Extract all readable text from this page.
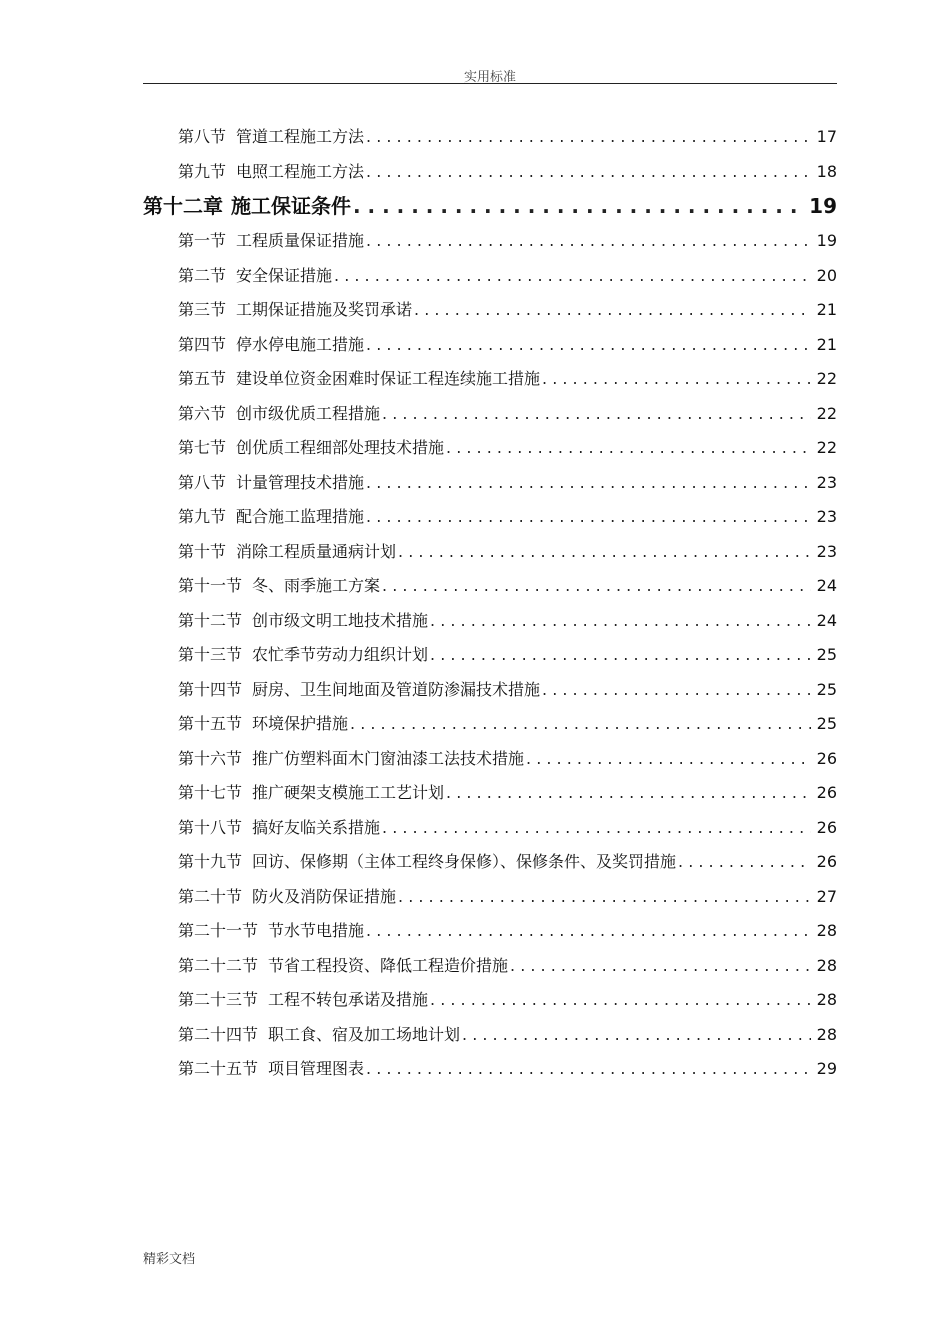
实用标准
第八节 管道工程施工方法 . . .	17
第九节 电照工程施工方法 . . .	18
第十二章 施工保证条件 . . .	19
第一节 工程质量保证措施 . . .	19
第二节 安全保证措施 . . .	20
第三节 工期保证措施及奖罚承诺 . . .	21
第四节 停水停电施工措施 . . .	21
第五节 建设单位资金困难时保证工程连续施工措施 . . .	22
第六节 创市级优质工程措施 . . .	22
第七节 创优质工程细部处理技术措施 . . .	22
第八节 计量管理技术措施 . . .	23
第九节 配合施工监理措施 . . .	23
第十节 消除工程质量通病计划 . . .	23
第十一节 冬、雨季施工方案 . . .	24
第十二节 创市级文明工地技术措施 . . .	24
第十三节 农忙季节劳动力组织计划 . . .	25
第十四节 厨房、卫生间地面及管道防渗漏技术措施 . . .	25
第十五节 环境保护措施 . . .	25
第十六节 推广仿塑料面木门窗油漆工法技术措施 . . .	26
第十七节 推广硬架支模施工工艺计划 . . .	26
第十八节 搞好友临关系措施 . . .	26
第十九节 回访、保修期（主体工程终身保修）、保修条件、及奖罚措施 . . .	26
第二十节 防火及消防保证措施 . . .	27
第二十一节 节水节电措施 . . .	28
第二十二节 节省工程投资、降低工程造价措施 . . .	28
第二十三节 工程不转包承诺及措施 . . .	28
第二十四节 职工食、宿及加工场地计划 . . .	28
第二十五节 项目管理图表 . . .	29
精彩文档
